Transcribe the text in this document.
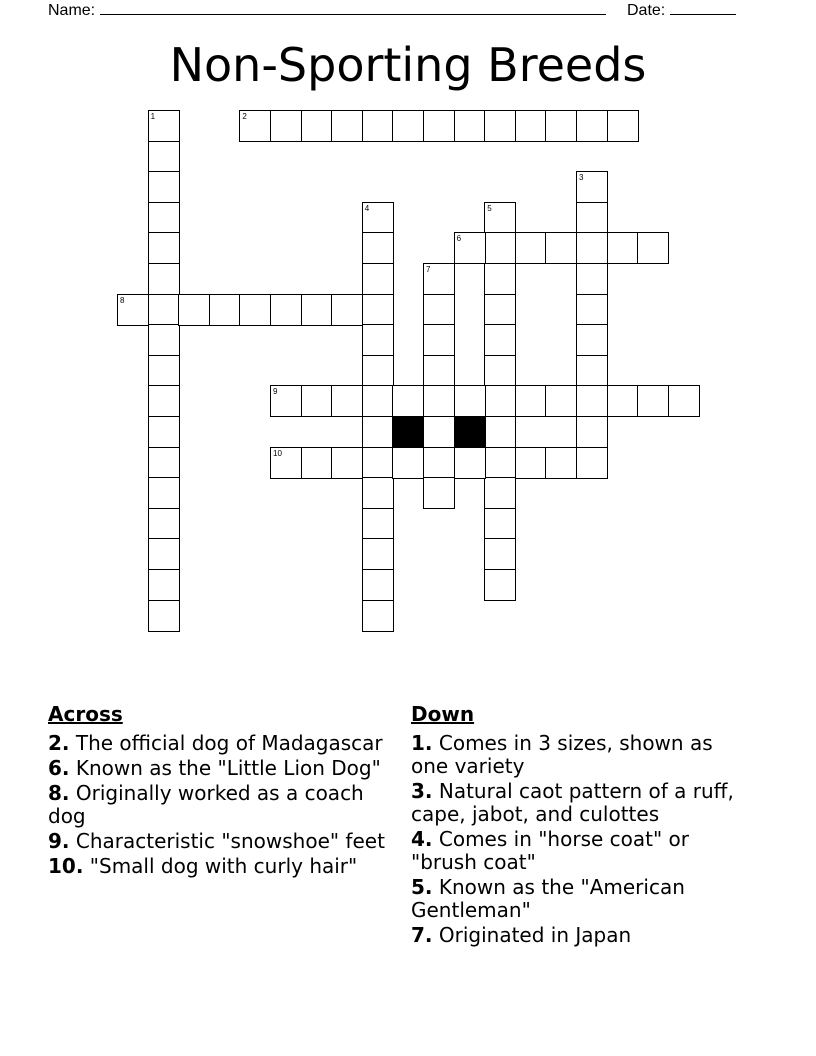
Name:	Date:
Non-Sporting Breeds
1	2
3
4	5
6
7
8
9
10
Across
2. The official dog of Madagascar
6. Known as the "Little Lion Dog"
8. Originally worked as a coach dog
9. Characteristic "snowshoe" feet
10. "Small dog with curly hair"
Down
1. Comes in 3 sizes, shown as one variety
3. Natural caot pattern of a ruff, cape, jabot, and culottes
4. Comes in "horse coat" or "brush coat"
5. Known as the "American Gentleman"
7. Originated in Japan
